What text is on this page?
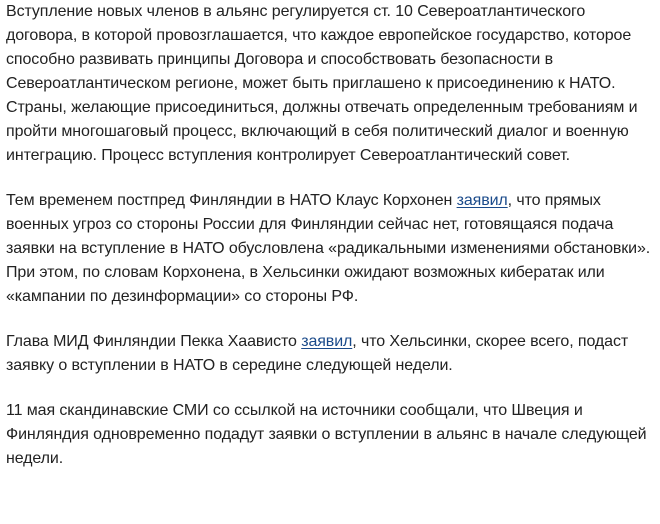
Вступление новых членов в альянс регулируется ст. 10 Североатлантического договора, в которой провозглашается, что каждое европейское государство, которое способно развивать принципы Договора и способствовать безопасности в Североатлантическом регионе, может быть приглашено к присоединению к НАТО. Страны, желающие присоединиться, должны отвечать определенным требованиям и пройти многошаговый процесс, включающий в себя политический диалог и военную интеграцию. Процесс вступления контролирует Североатлантический совет.

Тем временем постпред Финляндии в НАТО Клаус Корхонен заявил, что прямых военных угроз со стороны России для Финляндии сейчас нет, готовящаяся подача заявки на вступление в НАТО обусловлена «радикальными изменениями обстановки». При этом, по словам Корхонена, в Хельсинки ожидают возможных кибератак или «кампании по дезинформации» со стороны РФ.

Глава МИД Финляндии Пекка Хаависто заявил, что Хельсинки, скорее всего, подаст заявку о вступлении в НАТО в середине следующей недели.

11 мая скандинавские СМИ со ссылкой на источники сообщали, что Швеция и Финляндия одновременно подадут заявки о вступлении в альянс в начале следующей недели.
